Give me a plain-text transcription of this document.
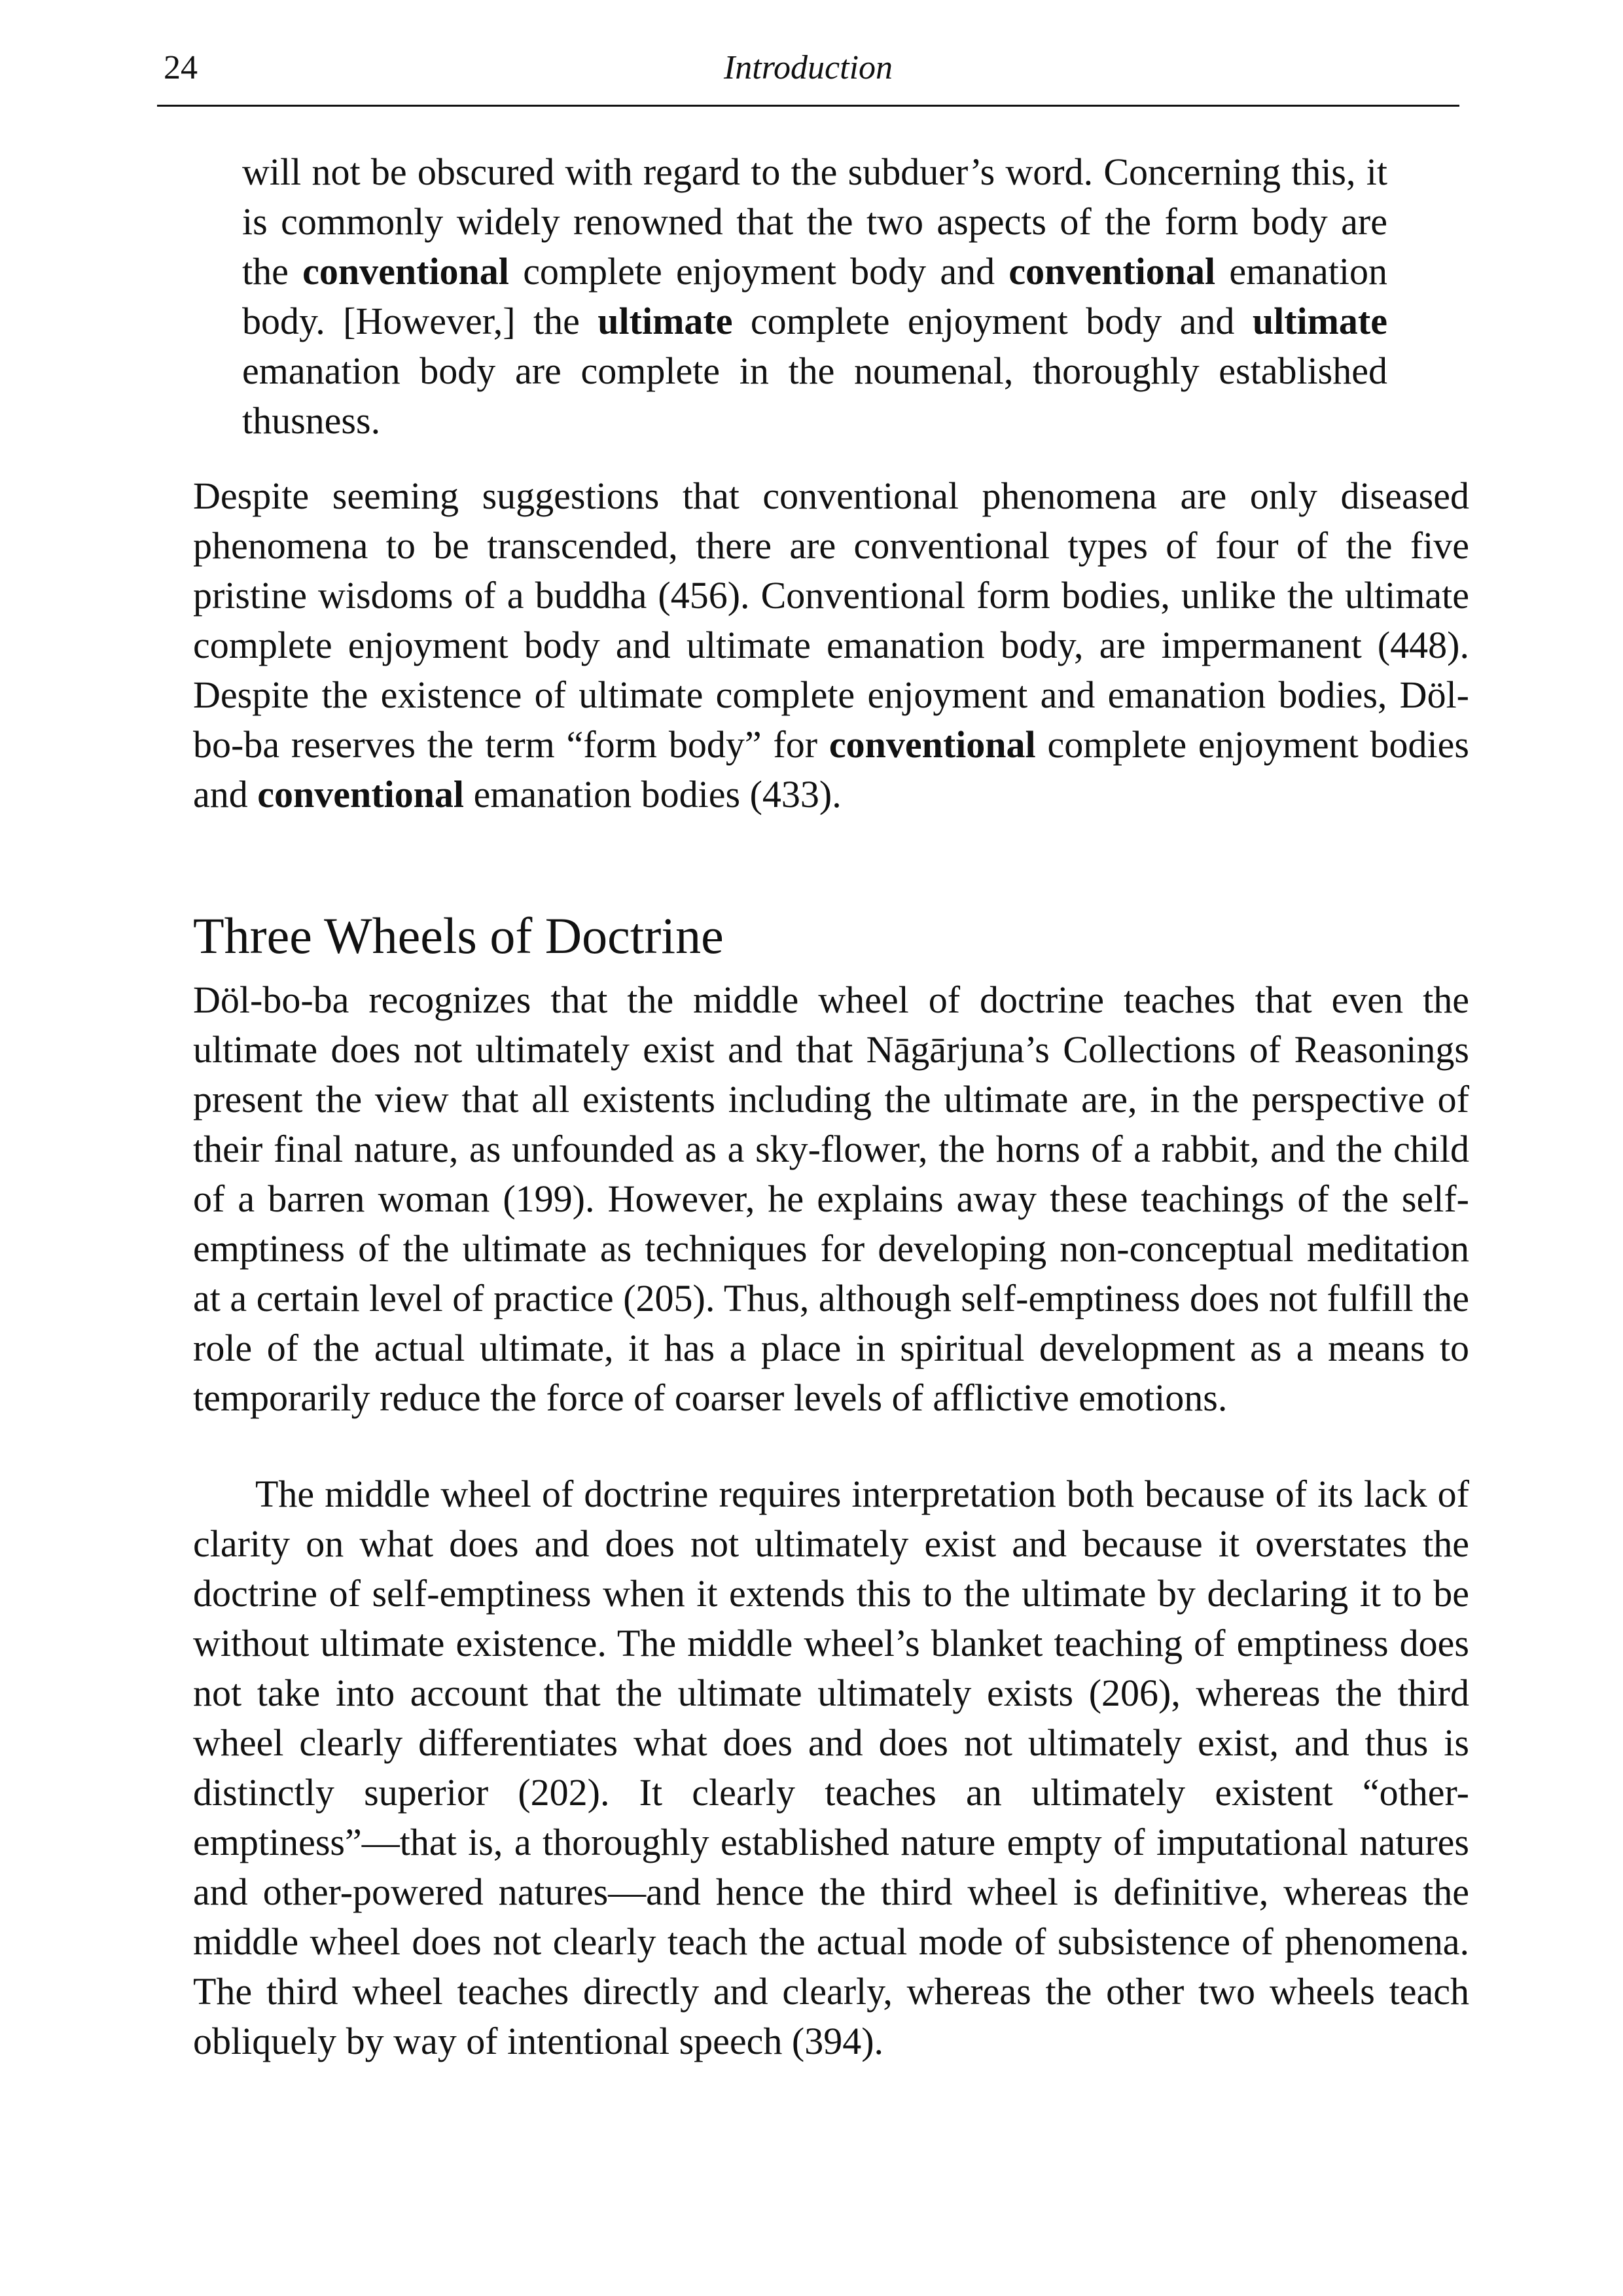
24	Introduction

will not be obscured with regard to the subduer’s word. Concerning this, it is commonly widely renowned that the two aspects of the form body are the conventional complete enjoyment body and conventional emanation body. [However,] the ultimate complete enjoyment body and ultimate emanation body are complete in the noumenal, thoroughly established thusness.

Despite seeming suggestions that conventional phenomena are only diseased phenomena to be transcended, there are conventional types of four of the five pristine wisdoms of a buddha (456). Conventional form bodies, unlike the ultimate complete enjoyment body and ultimate emanation body, are impermanent (448). Despite the existence of ultimate complete enjoyment and emanation bodies, Döl-bo-ba reserves the term “form body” for conventional complete enjoyment bodies and conventional emanation bodies (433).

Three Wheels of Doctrine

Döl-bo-ba recognizes that the middle wheel of doctrine teaches that even the ultimate does not ultimately exist and that Nāgārjuna’s Collections of Reasonings present the view that all existents including the ultimate are, in the perspective of their final nature, as unfounded as a sky-flower, the horns of a rabbit, and the child of a barren woman (199). However, he explains away these teachings of the self-emptiness of the ultimate as techniques for developing non-conceptual meditation at a certain level of practice (205). Thus, although self-emptiness does not fulfill the role of the actual ultimate, it has a place in spiritual development as a means to temporarily reduce the force of coarser levels of afflictive emotions.

The middle wheel of doctrine requires interpretation both because of its lack of clarity on what does and does not ultimately exist and because it overstates the doctrine of self-emptiness when it extends this to the ultimate by declaring it to be without ultimate existence. The middle wheel’s blanket teaching of emptiness does not take into account that the ultimate ultimately exists (206), whereas the third wheel clearly differentiates what does and does not ultimately exist, and thus is distinctly superior (202). It clearly teaches an ultimately existent “other-emptiness”—that is, a thoroughly established nature empty of imputational natures and other-powered natures—and hence the third wheel is definitive, whereas the middle wheel does not clearly teach the actual mode of subsistence of phenomena. The third wheel teaches directly and clearly, whereas the other two wheels teach obliquely by way of intentional speech (394).
